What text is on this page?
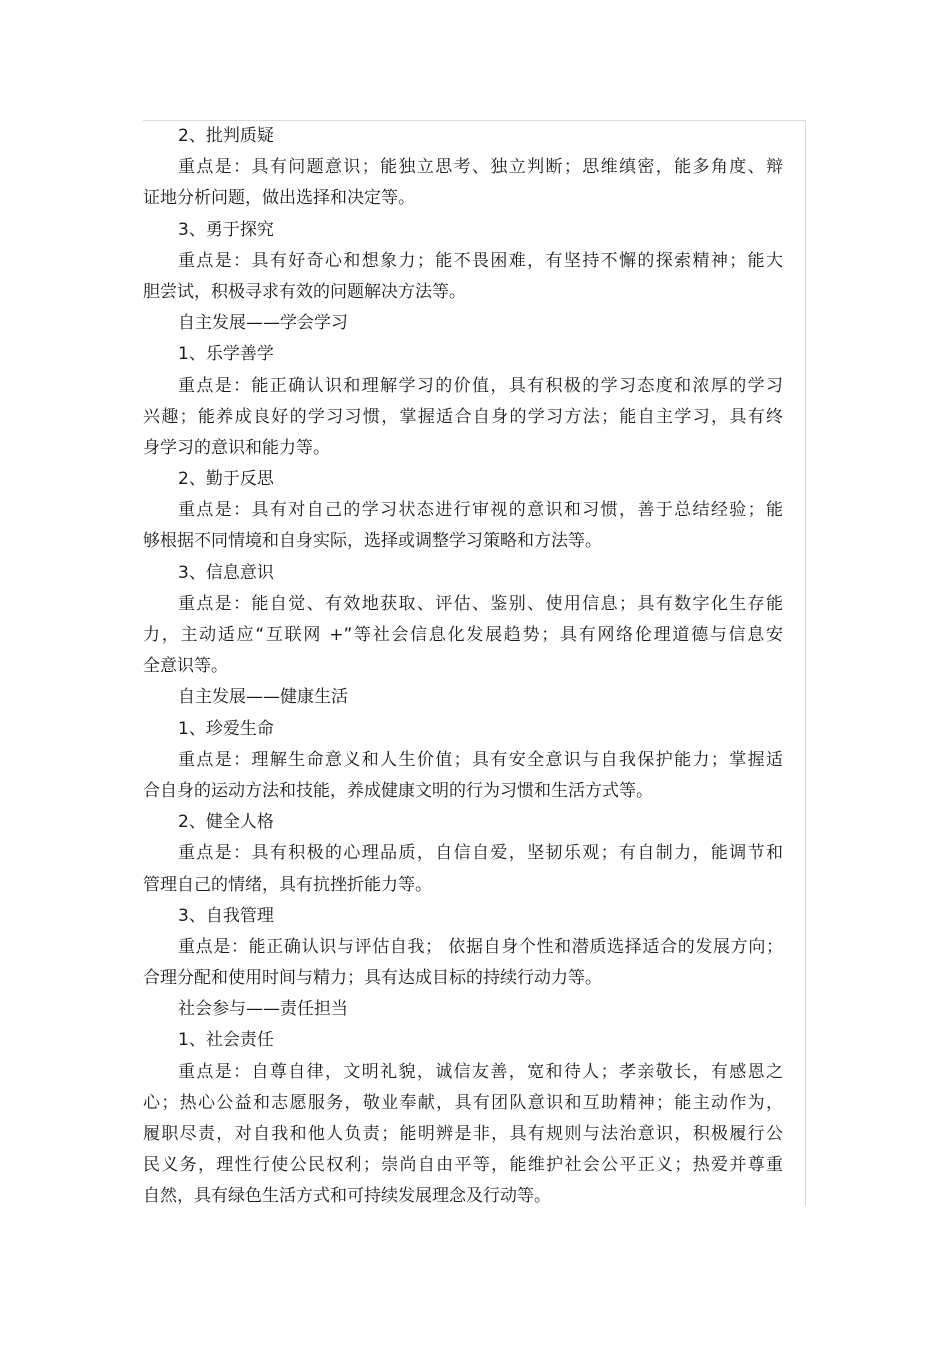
2、批判质疑
重点是：具有问题意识；能独立思考、独立判断；思维缜密，能多角度、辩
证地分析问题，做出选择和决定等。
3、勇于探究
重点是：具有好奇心和想象力；能不畏困难，有坚持不懈的探索精神；能大
胆尝试，积极寻求有效的问题解决方法等。
自主发展——学会学习
1、乐学善学
重点是：能正确认识和理解学习的价值，具有积极的学习态度和浓厚的学习
兴趣；能养成良好的学习习惯，掌握适合自身的学习方法；能自主学习，具有终
身学习的意识和能力等。
2、勤于反思
重点是：具有对自己的学习状态进行审视的意识和习惯，善于总结经验；能
够根据不同情境和自身实际，选择或调整学习策略和方法等。
3、信息意识
重点是：能自觉、有效地获取、评估、鉴别、使用信息；具有数字化生存能
力，主动适应“互联网 +”等社会信息化发展趋势；具有网络伦理道德与信息安
全意识等。
自主发展——健康生活
1、珍爱生命
重点是：理解生命意义和人生价值；具有安全意识与自我保护能力；掌握适
合自身的运动方法和技能，养成健康文明的行为习惯和生活方式等。
2、健全人格
重点是：具有积极的心理品质，自信自爱，坚韧乐观；有自制力，能调节和
管理自己的情绪，具有抗挫折能力等。
3、自我管理
重点是：能正确认识与评估自我； 依据自身个性和潜质选择适合的发展方向；
合理分配和使用时间与精力；具有达成目标的持续行动力等。
社会参与——责任担当
1、社会责任
重点是：自尊自律，文明礼貌，诚信友善，宽和待人；孝亲敬长，有感恩之
心；热心公益和志愿服务，敬业奉献，具有团队意识和互助精神；能主动作为，
履职尽责，对自我和他人负责；能明辨是非，具有规则与法治意识，积极履行公
民义务，理性行使公民权利；崇尚自由平等，能维护社会公平正义；热爱并尊重
自然，具有绿色生活方式和可持续发展理念及行动等。
